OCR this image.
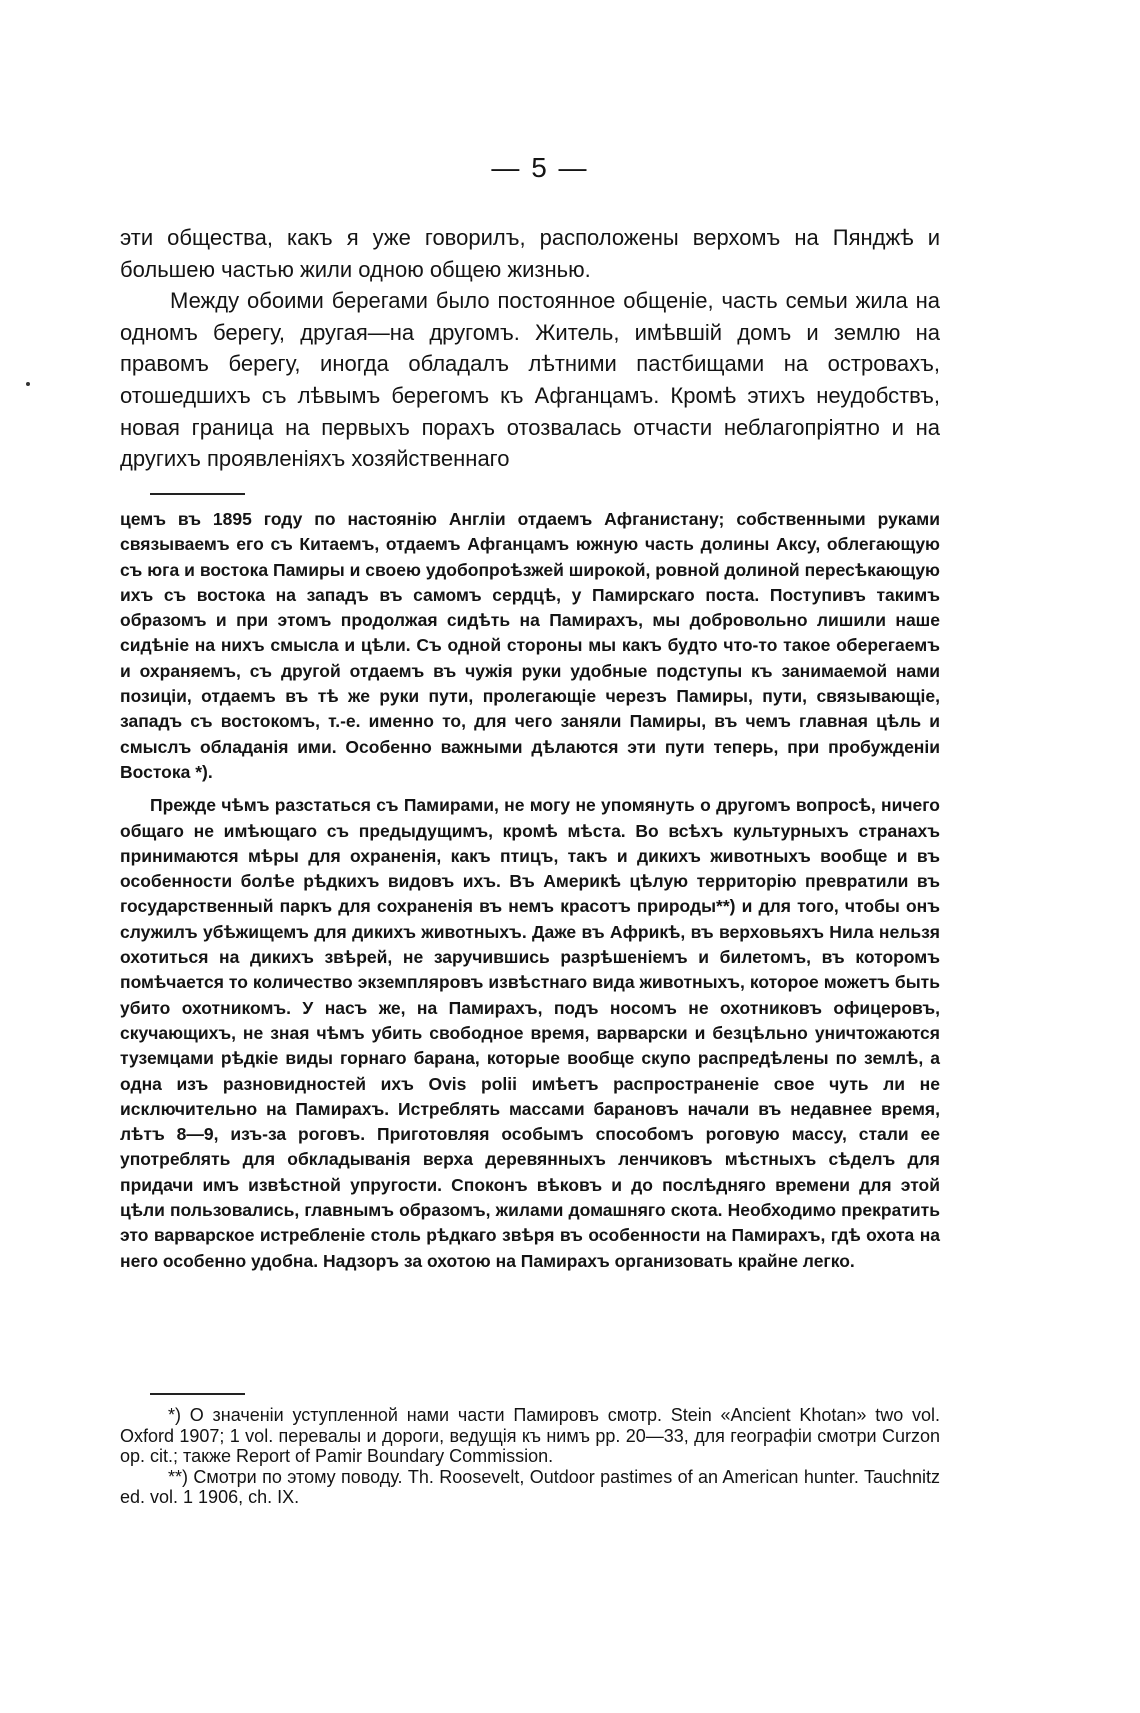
— 5 —

эти общества, какъ я уже говорилъ, расположены верхомъ на Пянджѣ и большею частью жили одною общею жизнью.

Между обоими берегами было постоянное общеніе, часть семьи жила на одномъ берегу, другая—на другомъ. Житель, имѣвшій домъ и землю на правомъ берегу, иногда обладалъ лѣтними пастбищами на островахъ, отошедшихъ съ лѣвымъ берегомъ къ Афганцамъ. Кромѣ этихъ неудобствъ, новая граница на первыхъ порахъ отозвалась отчасти неблагопріятно и на другихъ проявленіяхъ хозяйственнаго

цемъ въ 1895 году по настоянію Англіи отдаемъ Афганистану; собственными руками связываемъ его съ Китаемъ, отдаемъ Афганцамъ южную часть долины Аксу, облегающую съ юга и востока Памиры и своею удобопроѣзжей широкой, ровной долиной пересѣкающую ихъ съ востока на западъ въ самомъ сердцѣ, у Памирскаго поста. Поступивъ такимъ образомъ и при этомъ продолжая сидѣть на Памирахъ, мы добровольно лишили наше сидѣніе на нихъ смысла и цѣли. Съ одной стороны мы какъ будто что-то такое оберегаемъ и охраняемъ, съ другой отдаемъ въ чужія руки удобные подступы къ занимаемой нами позиціи, отдаемъ въ тѣ же руки пути, пролегающіе черезъ Памиры, пути, связывающіе, западъ съ востокомъ, т.-е. именно то, для чего заняли Памиры, въ чемъ главная цѣль и смыслъ обладанія ими. Особенно важными дѣлаются эти пути теперь, при пробужденіи Востока *).

Прежде чѣмъ разстаться съ Памирами, не могу не упомянуть о другомъ вопросѣ, ничего общаго не имѣющаго съ предыдущимъ, кромѣ мѣста. Во всѣхъ культурныхъ странахъ принимаются мѣры для охраненія, какъ птицъ, такъ и дикихъ животныхъ вообще и въ особенности болѣе рѣдкихъ видовъ ихъ. Въ Америкѣ цѣлую территорію превратили въ государственный паркъ для сохраненія въ немъ красотъ природы**) и для того, чтобы онъ служилъ убѣжищемъ для дикихъ животныхъ. Даже въ Африкѣ, въ верховьяхъ Нила нельзя охотиться на дикихъ звѣрей, не заручившись разрѣшеніемъ и билетомъ, въ которомъ помѣчается то количество экземпляровъ извѣстнаго вида животныхъ, которое можетъ быть убито охотникомъ. У насъ же, на Памирахъ, подъ носомъ не охотниковъ офицеровъ, скучающихъ, не зная чѣмъ убить свободное время, варварски и безцѣльно уничтожаются туземцами рѣдкіе виды горнаго барана, которые вообще скупо распредѣлены по землѣ, а одна изъ разновидностей ихъ Ovis polii имѣетъ распространеніе свое чуть ли не исключительно на Памирахъ. Истреблять массами барановъ начали въ недавнее время, лѣтъ 8—9, изъ-за роговъ. Приготовляя особымъ способомъ роговую массу, стали ее употреблять для обкладыванія верха деревянныхъ ленчиковъ мѣстныхъ сѣделъ для придачи имъ извѣстной упругости. Споконъ вѣковъ и до послѣдняго времени для этой цѣли пользовались, главнымъ образомъ, жилами домашняго скота. Необходимо прекратить это варварское истребленіе столь рѣдкаго звѣря въ особенности на Памирахъ, гдѣ охота на него особенно удобна. Надзоръ за охотою на Памирахъ организовать крайне легко.

*) О значеніи уступленной нами части Памировъ смотр. Stein «Ancient Khotan» two vol. Oxford 1907; 1 vol. перевалы и дороги, ведущія къ нимъ pp. 20—33, для географіи смотри Curzon op. cit.; также Report of Pamir Boundary Commission.

**) Смотри по этому поводу. Th. Roosevelt, Outdoor pastimes of an American hunter. Tauchnitz ed. vol. 1 1906, ch. IX.
